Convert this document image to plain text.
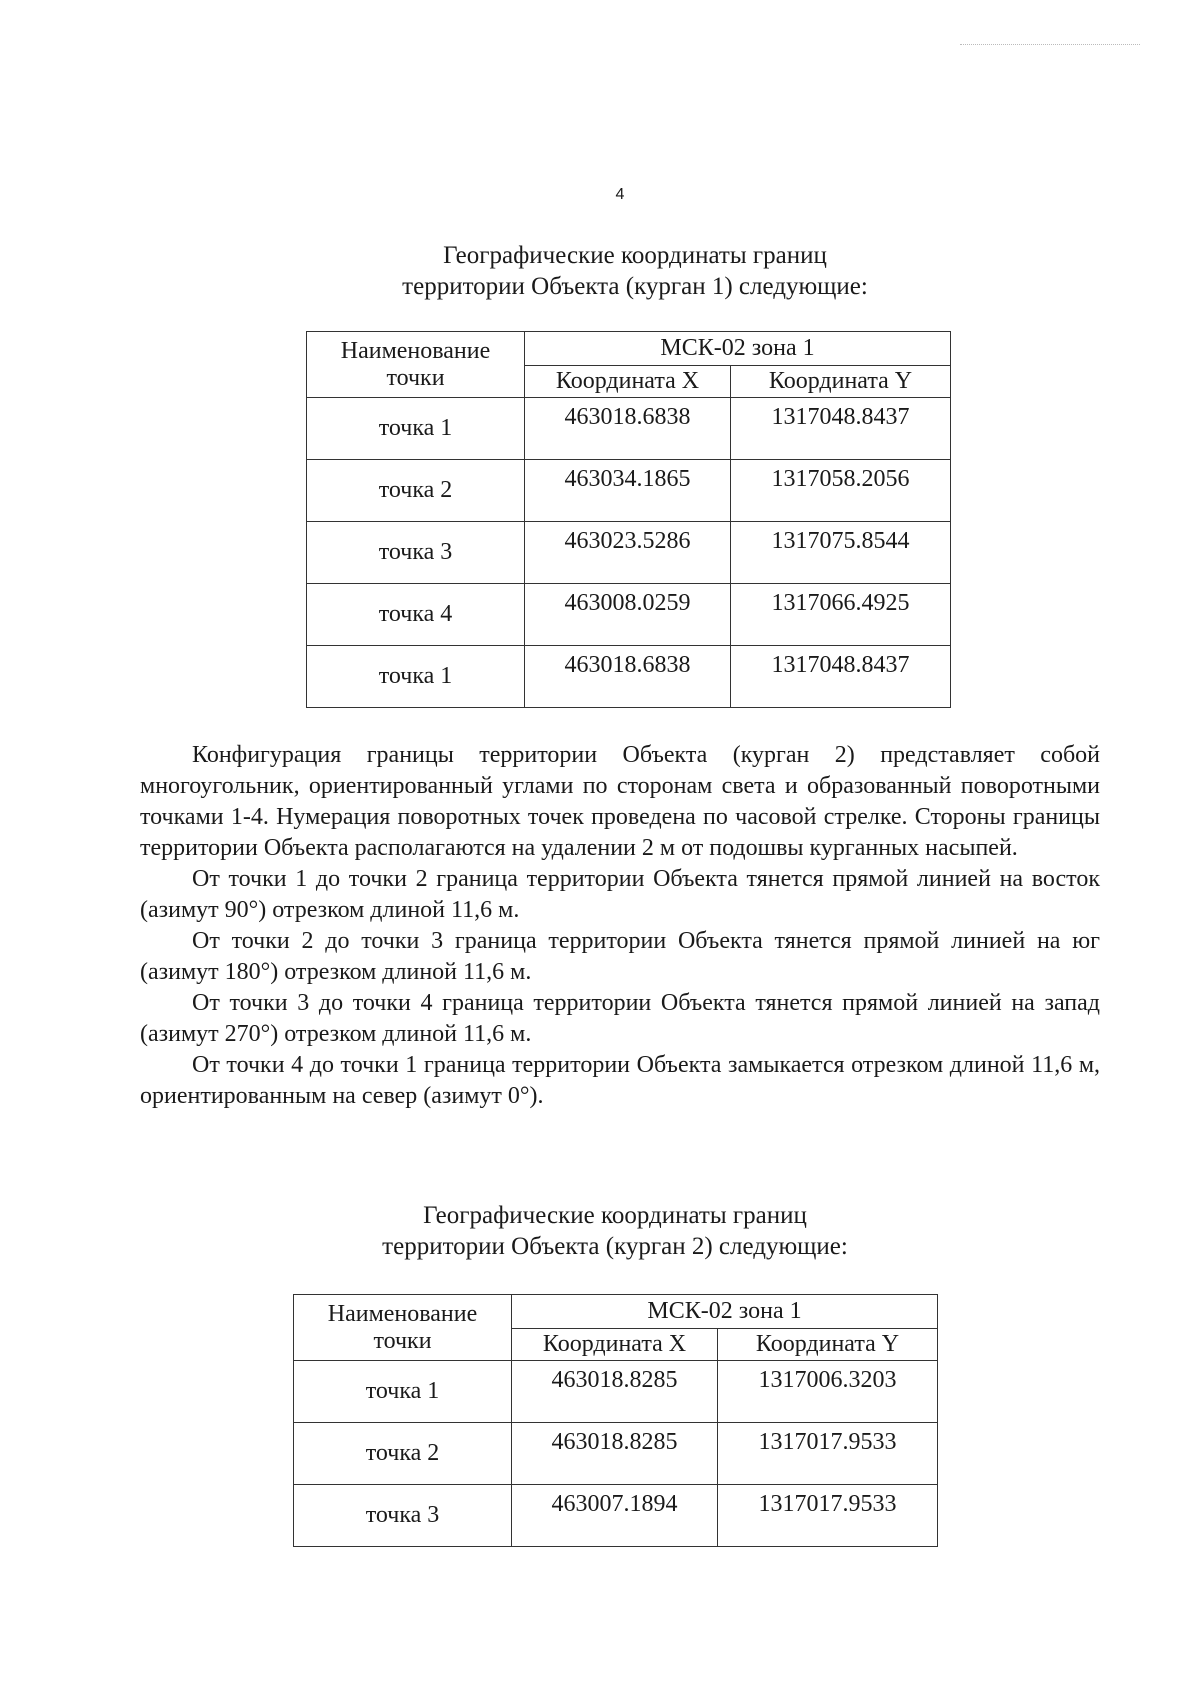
4
Географические координаты границ
территории Объекта (курган 1) следующие:
Наименование
точки	МСК-02 зона 1	
	Координата X	Координата Y
точка 1	463018.6838	1317048.8437
точка 2	463034.1865	1317058.2056
точка 3	463023.5286	1317075.8544
точка 4	463008.0259	1317066.4925
точка 1	463018.6838	1317048.8437

Конфигурация границы территории Объекта (курган 2) представляет собой многоугольник, ориентированный углами по сторонам света и образованный поворотными точками 1-4. Нумерация поворотных точек проведена по часовой стрелке. Стороны границы территории Объекта располагаются на удалении 2 м от подошвы курганных насыпей.

От точки 1 до точки 2 граница территории Объекта тянется прямой линией на восток (азимут 90°) отрезком длиной 11,6 м.

От точки 2 до точки 3 граница территории Объекта тянется прямой линией на юг (азимут 180°) отрезком длиной 11,6 м.

От точки 3 до точки 4 граница территории Объекта тянется прямой линией на запад (азимут 270°) отрезком длиной 11,6 м.

От точки 4 до точки 1 граница территории Объекта замыкается отрезком длиной 11,6 м, ориентированным на север (азимут 0°).

Географические координаты границ
территории Объекта (курган 2) следующие:
Наименование
точки	МСК-02 зона 1	
	Координата X	Координата Y
точка 1	463018.8285	1317006.3203
точка 2	463018.8285	1317017.9533
точка 3	463007.1894	1317017.9533
